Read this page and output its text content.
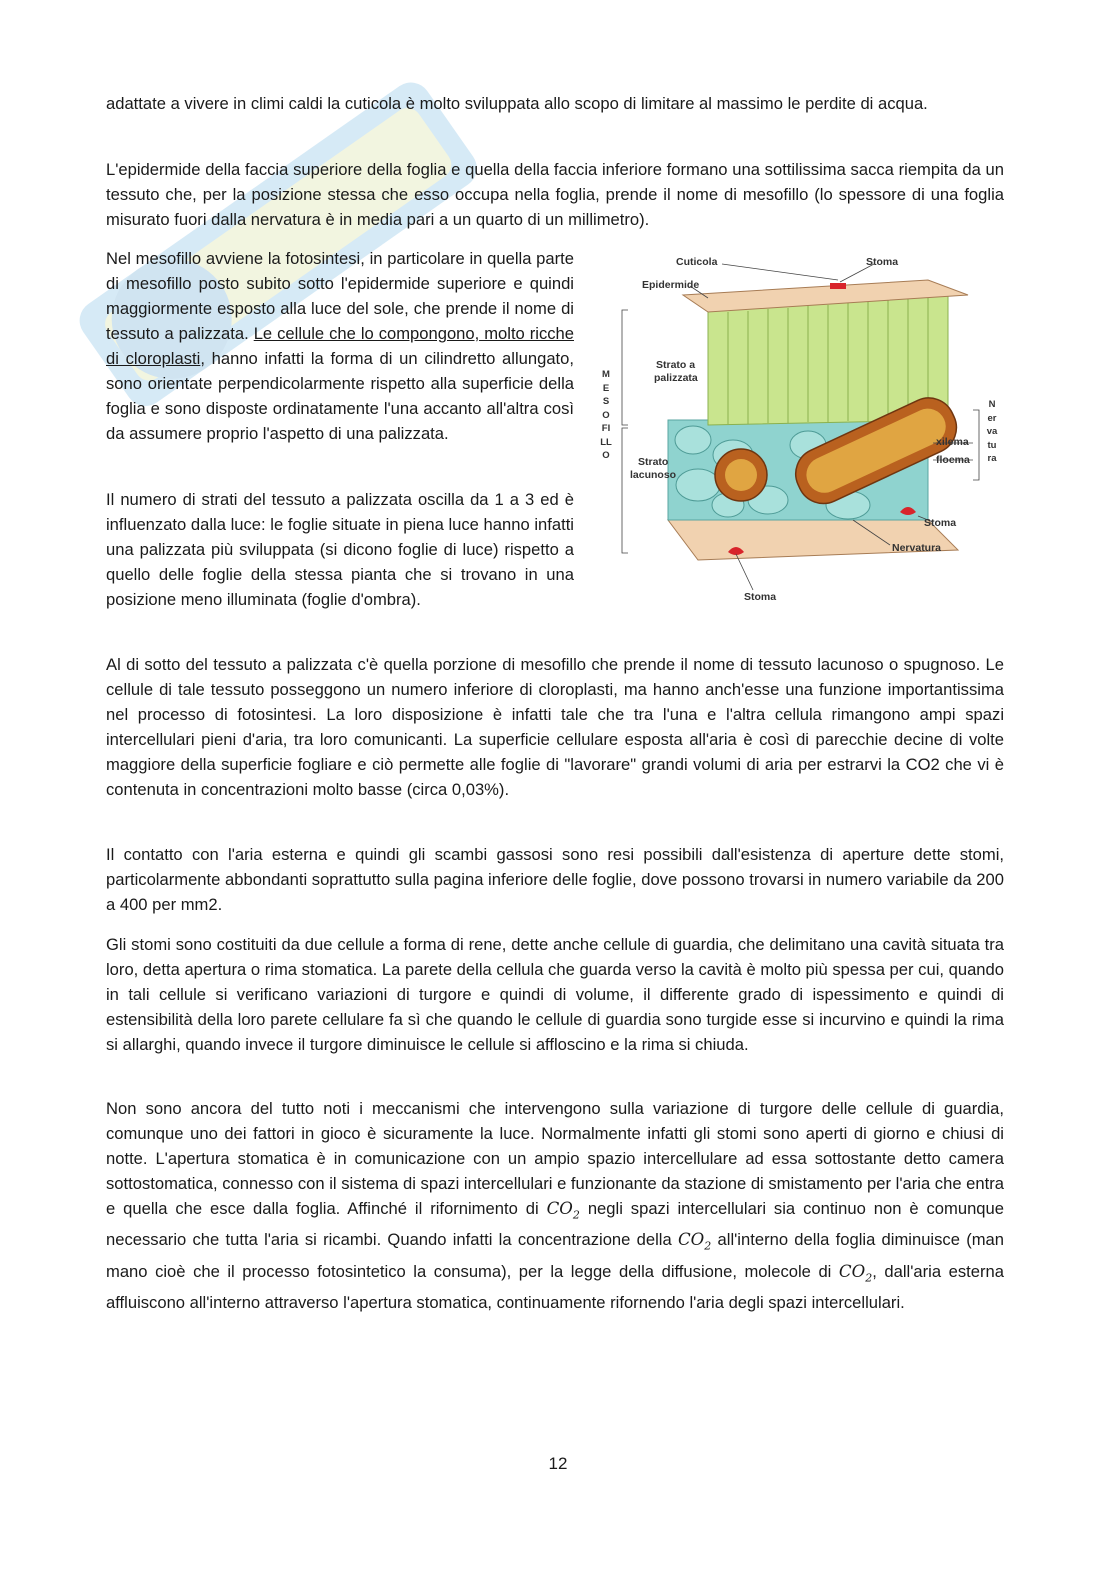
adattate a vivere in climi caldi la cuticola è molto sviluppata allo scopo di limitare al massimo le perdite di acqua.

L'epidermide della faccia superiore della foglia e quella della faccia inferiore formano una sottilissima sacca riempita da un tessuto che, per la posizione stessa che esso occupa nella foglia, prende il nome di mesofillo (lo spessore di una foglia misurato fuori dalla nervatura è in media pari a un quarto di un millimetro).

Nel mesofillo avviene la fotosintesi, in particolare in quella parte di mesofillo posto subito sotto l'epidermide superiore e quindi maggiormente esposto alla luce del sole, che prende il nome di tessuto a palizzata. Le cellule che lo compongono, molto ricche di cloroplasti, hanno infatti la forma di un cilindretto allungato, sono orientate perpendicolarmente rispetto alla superficie della foglia e sono disposte ordinatamente l'una accanto all'altra così da assumere proprio l'aspetto di una palizzata.

Il numero di strati del tessuto a palizzata oscilla da 1 a 3 ed è influenzato dalla luce: le foglie situate in piena luce hanno infatti una palizzata più sviluppata (si dicono foglie di luce) rispetto a quello delle foglie della stessa pianta che si trovano in una posizione meno illuminata (foglie d'ombra).

Cuticola	Stoma
Epidermide
Strato a
palizzata
MESOFILLO
Nervatura
xilema
floema
Strato
lacunoso
Stoma
Nervatura
Stoma

Al di sotto del tessuto a palizzata c'è quella porzione di mesofillo che prende il nome di tessuto lacunoso o spugnoso. Le cellule di tale tessuto posseggono un numero inferiore di cloroplasti, ma hanno anch'esse una funzione importantissima nel processo di fotosintesi. La loro disposizione è infatti tale che tra l'una e l'altra cellula rimangono ampi spazi intercellulari pieni d'aria, tra loro comunicanti. La superficie cellulare esposta all'aria è così di parecchie decine di volte maggiore della superficie fogliare e ciò permette alle foglie di "lavorare" grandi volumi di aria per estrarvi la CO2 che vi è contenuta in concentrazioni molto basse (circa 0,03%).

Il contatto con l'aria esterna e quindi gli scambi gassosi sono resi possibili dall'esistenza di aperture dette stomi, particolarmente abbondanti soprattutto sulla pagina inferiore delle foglie, dove possono trovarsi in numero variabile da 200 a 400 per mm2.

Gli stomi sono costituiti da due cellule a forma di rene, dette anche cellule di guardia, che delimitano una cavità situata tra loro, detta apertura o rima stomatica. La parete della cellula che guarda verso la cavità è molto più spessa per cui, quando in tali cellule si verificano variazioni di turgore e quindi di volume, il differente grado di ispessimento e quindi di estensibilità della loro parete cellulare fa sì che quando le cellule di guardia sono turgide esse si incurvino e quindi la rima si allarghi, quando invece il turgore diminuisce le cellule si affloscino e la rima si chiuda.

Non sono ancora del tutto noti i meccanismi che intervengono sulla variazione di turgore delle cellule di guardia, comunque uno dei fattori in gioco è sicuramente la luce. Normalmente infatti gli stomi sono aperti di giorno e chiusi di notte. L'apertura stomatica è in comunicazione con un ampio spazio intercellulare ad essa sottostante detto camera sottostomatica, connesso con il sistema di spazi intercellulari e funzionante da stazione di smistamento per l'aria che entra e quella che esce dalla foglia. Affinché il rifornimento di $CO_2$ negli spazi intercellulari sia continuo non è comunque necessario che tutta l'aria si ricambi. Quando infatti la concentrazione della $CO_2$ all'interno della foglia diminuisce (man mano cioè che il processo fotosintetico la consuma), per la legge della diffusione, molecole di $CO_2$, dall'aria esterna affluiscono all'interno attraverso l'apertura stomatica, continuamente rifornendo l'aria degli spazi intercellulari.

12
